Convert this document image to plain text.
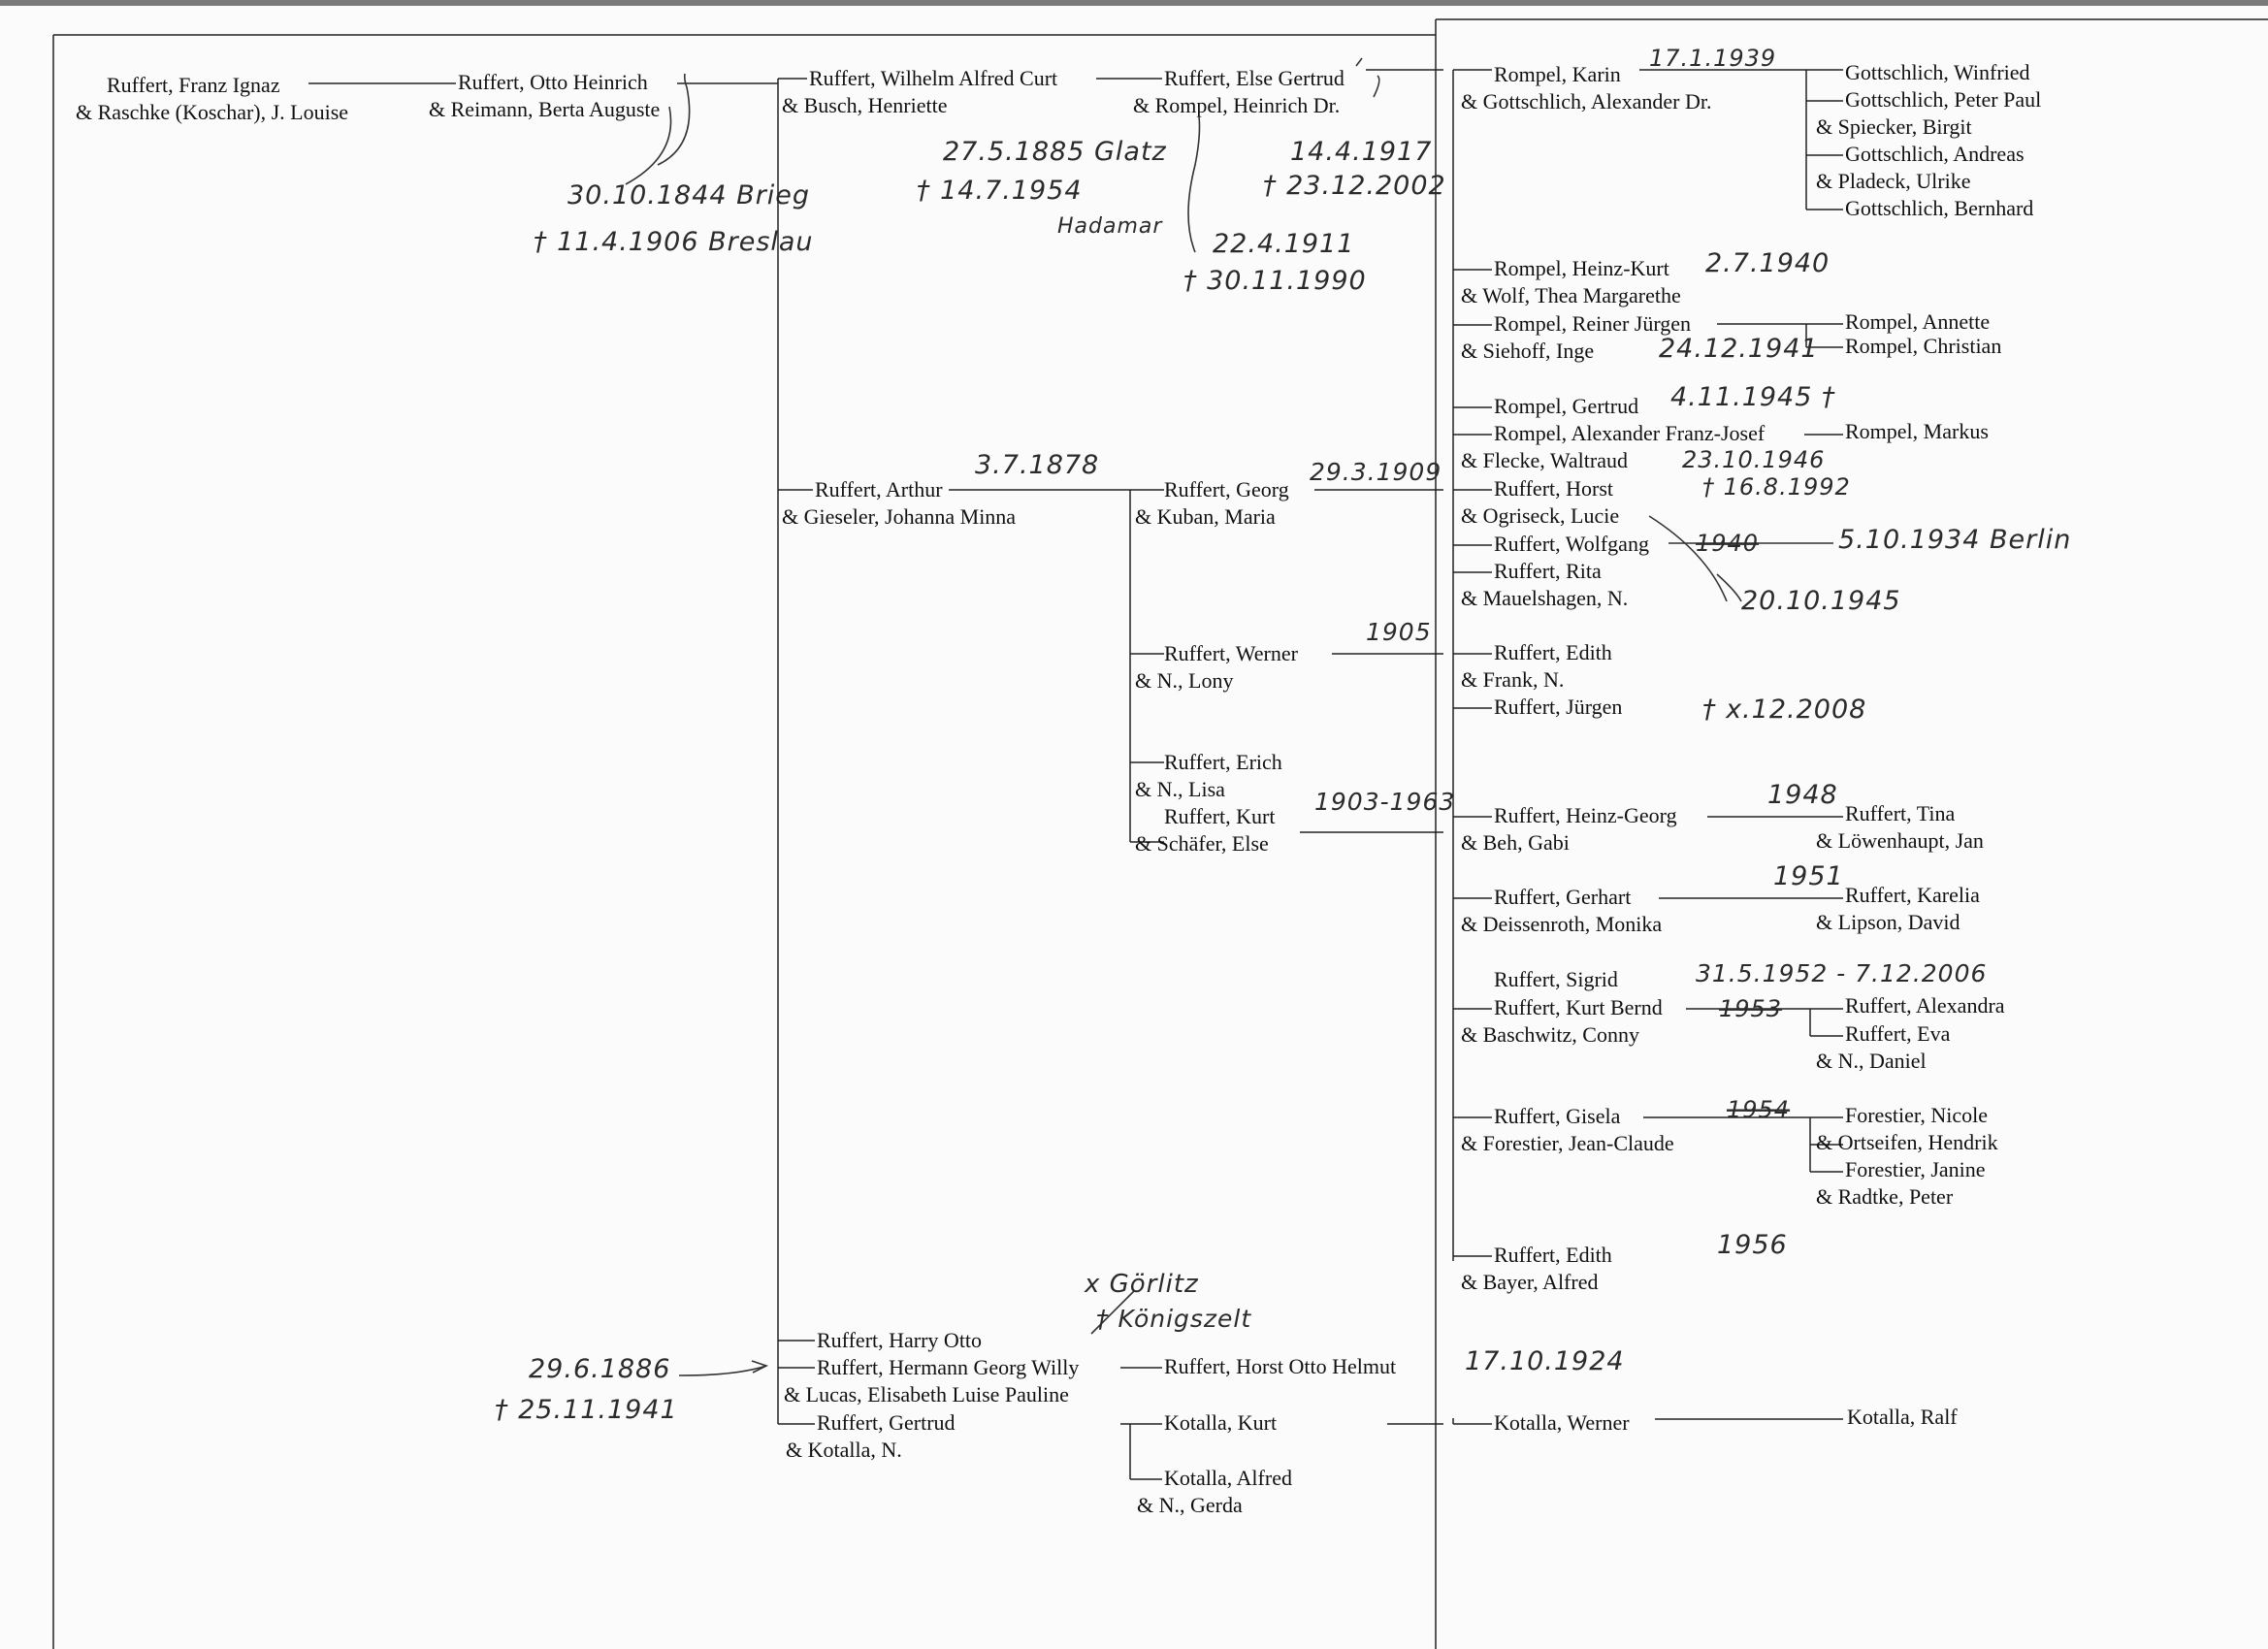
Ruffert, Franz Ignaz
& Raschke (Koschar), J. Louise
Ruffert, Otto Heinrich
& Reimann, Berta Auguste
Ruffert, Wilhelm Alfred Curt
& Busch, Henriette
Ruffert, Arthur
& Gieseler, Johanna Minna
Ruffert, Harry Otto
Ruffert, Hermann Georg Willy
& Lucas, Elisabeth Luise Pauline
Ruffert, Gertrud
& Kotalla, N.
Ruffert, Else Gertrud
& Rompel, Heinrich Dr.
Ruffert, Georg
& Kuban, Maria
Ruffert, Werner
& N., Lony
Ruffert, Erich
& N., Lisa
Ruffert, Kurt
& Schäfer, Else
Ruffert, Horst Otto Helmut
Kotalla, Kurt
Kotalla, Alfred
& N., Gerda
Rompel, Karin
& Gottschlich, Alexander Dr.
Rompel, Heinz-Kurt
& Wolf, Thea Margarethe
Rompel, Reiner Jürgen
& Siehoff, Inge
Rompel, Gertrud
Rompel, Alexander Franz-Josef
& Flecke, Waltraud
Ruffert, Horst
& Ogriseck, Lucie
Ruffert, Wolfgang
Ruffert, Rita
& Mauelshagen, N.
Ruffert, Edith
& Frank, N.
Ruffert, Jürgen
Ruffert, Heinz-Georg
& Beh, Gabi
Ruffert, Gerhart
& Deissenroth, Monika
Ruffert, Sigrid
Ruffert, Kurt Bernd
& Baschwitz, Conny
Ruffert, Gisela
& Forestier, Jean-Claude
Ruffert, Edith
& Bayer, Alfred
Kotalla, Werner
Gottschlich, Winfried
Gottschlich, Peter Paul
& Spiecker, Birgit
Gottschlich, Andreas
& Pladeck, Ulrike
Gottschlich, Bernhard
Rompel, Annette
Rompel, Christian
Rompel, Markus
Ruffert, Tina
& Löwenhaupt, Jan
Ruffert, Karelia
& Lipson, David
Ruffert, Alexandra
Ruffert, Eva
& N., Daniel
Forestier, Nicole
& Ortseifen, Hendrik
Forestier, Janine
& Radtke, Peter
Kotalla, Ralf
30.10.1844 Brieg
† 11.4.1906 Breslau
27.5.1885 Glatz
† 14.7.1954
Hadamar
14.4.1917
† 23.12.2002
22.4.1911
† 30.11.1990
17.1.1939
2.7.1940
24.12.1941
4.11.1945 †
23.10.1946
† 16.8.1992
3.7.1878	29.3.1909
1940	5.10.1934 Berlin
20.10.1945
1905
† x.12.2008
1903-1963	1948
1951
31.5.1952 - 7.12.2006
1953
1954
1956
x Görlitz
† Königszelt
29.6.1886
† 25.11.1941
17.10.1924
